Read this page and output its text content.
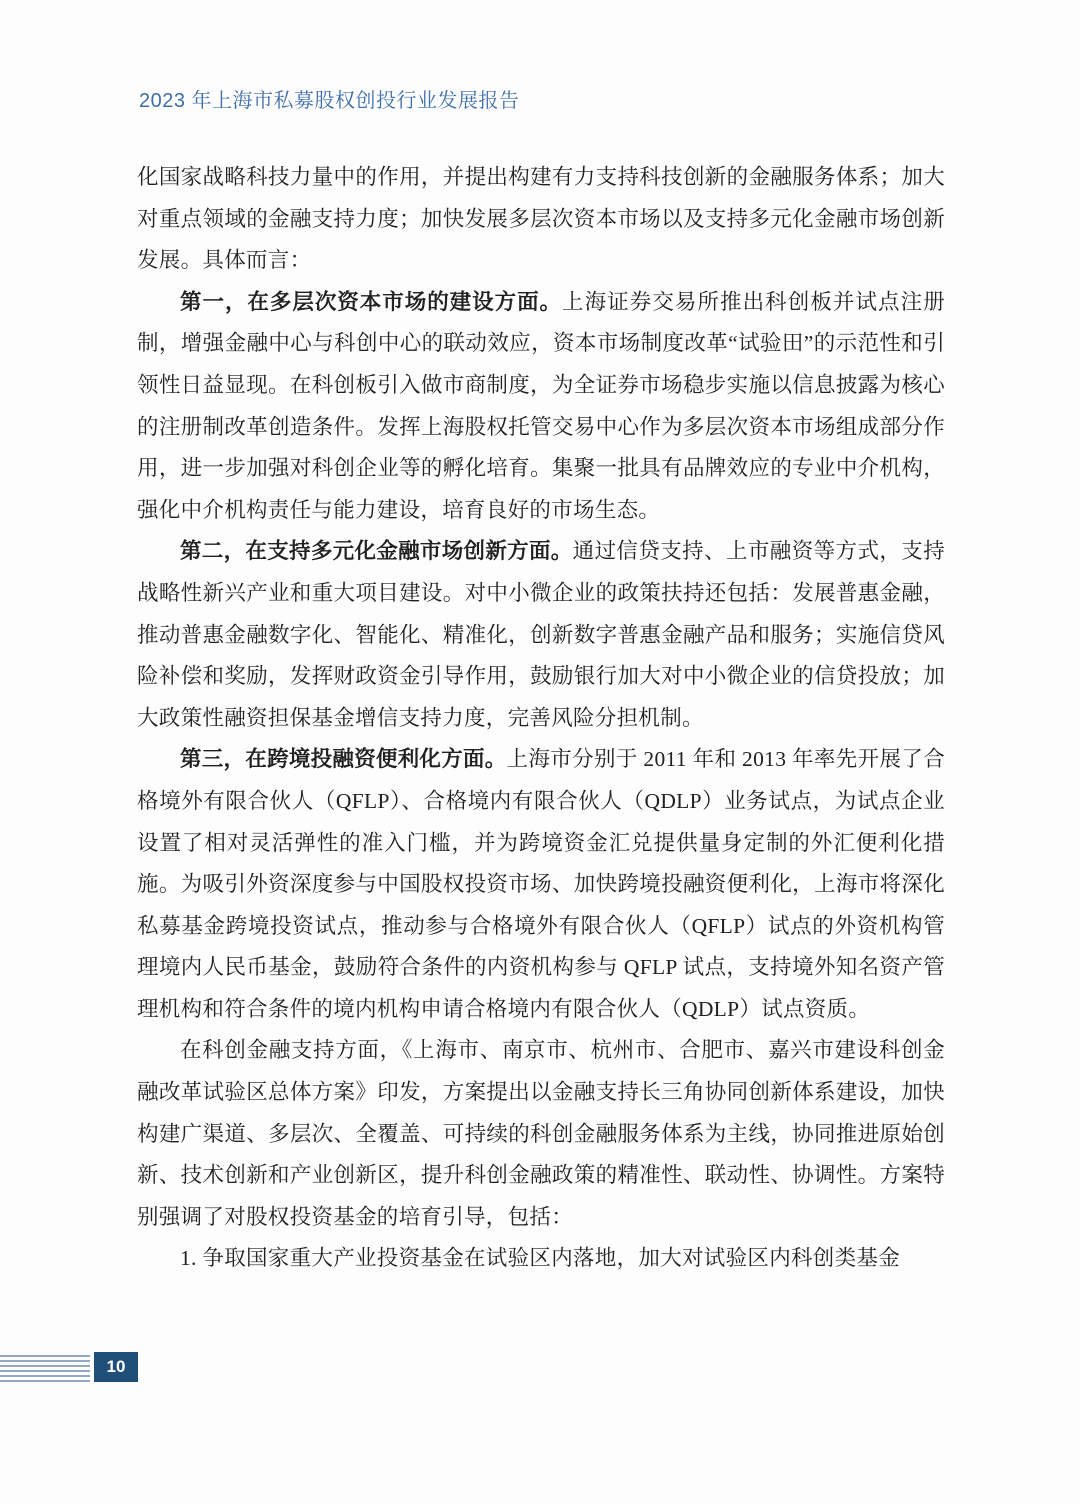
2023 年上海市私募股权创投行业发展报告

化国家战略科技力量中的作用，并提出构建有力支持科技创新的金融服务体系；加大对重点领域的金融支持力度；加快发展多层次资本市场以及支持多元化金融市场创新发展。具体而言：

第一，在多层次资本市场的建设方面。上海证券交易所推出科创板并试点注册制，增强金融中心与科创中心的联动效应，资本市场制度改革“试验田”的示范性和引领性日益显现。在科创板引入做市商制度，为全证券市场稳步实施以信息披露为核心的注册制改革创造条件。发挥上海股权托管交易中心作为多层次资本市场组成部分作用，进一步加强对科创企业等的孵化培育。集聚一批具有品牌效应的专业中介机构，强化中介机构责任与能力建设，培育良好的市场生态。

第二，在支持多元化金融市场创新方面。通过信贷支持、上市融资等方式，支持战略性新兴产业和重大项目建设。对中小微企业的政策扶持还包括：发展普惠金融，推动普惠金融数字化、智能化、精准化，创新数字普惠金融产品和服务；实施信贷风险补偿和奖励，发挥财政资金引导作用，鼓励银行加大对中小微企业的信贷投放；加大政策性融资担保基金增信支持力度，完善风险分担机制。

第三，在跨境投融资便利化方面。上海市分别于 2011 年和 2013 年率先开展了合格境外有限合伙人（QFLP）、合格境内有限合伙人（QDLP）业务试点，为试点企业设置了相对灵活弹性的准入门槛，并为跨境资金汇兑提供量身定制的外汇便利化措施。为吸引外资深度参与中国股权投资市场、加快跨境投融资便利化，上海市将深化私募基金跨境投资试点，推动参与合格境外有限合伙人（QFLP）试点的外资机构管理境内人民币基金，鼓励符合条件的内资机构参与 QFLP 试点，支持境外知名资产管理机构和符合条件的境内机构申请合格境内有限合伙人（QDLP）试点资质。

在科创金融支持方面，《上海市、南京市、杭州市、合肥市、嘉兴市建设科创金融改革试验区总体方案》印发，方案提出以金融支持长三角协同创新体系建设，加快构建广渠道、多层次、全覆盖、可持续的科创金融服务体系为主线，协同推进原始创新、技术创新和产业创新区，提升科创金融政策的精准性、联动性、协调性。方案特别强调了对股权投资基金的培育引导，包括：

1. 争取国家重大产业投资基金在试验区内落地，加大对试验区内科创类基金

10
